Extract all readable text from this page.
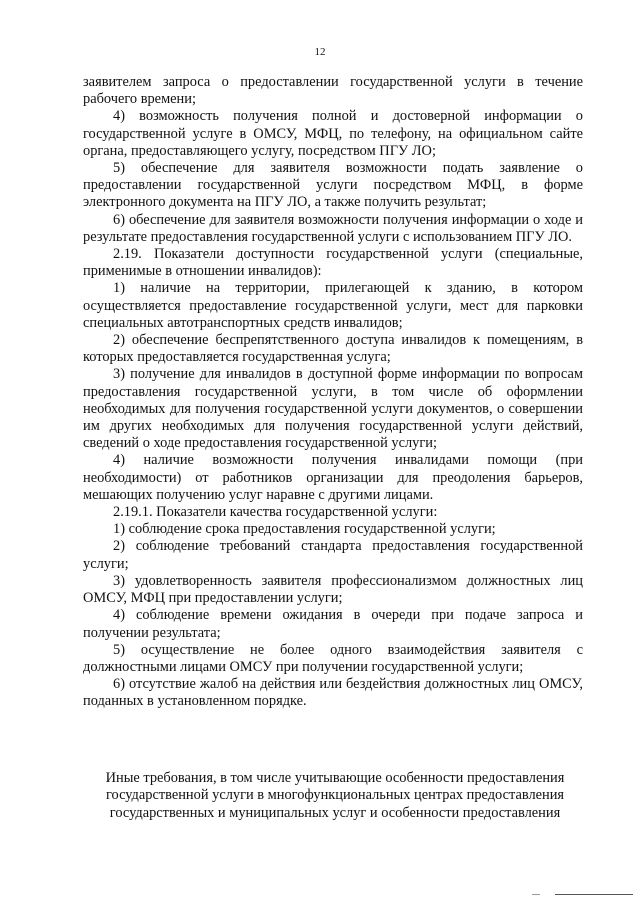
12

заявителем запроса о предоставлении государственной услуги в течение рабочего времени;

4) возможность получения полной и достоверной информации о государственной услуге в ОМСУ, МФЦ, по телефону, на официальном сайте органа, предоставляющего услугу, посредством ПГУ ЛО;

5) обеспечение для заявителя возможности подать заявление о предоставлении государственной услуги посредством МФЦ, в форме электронного документа на ПГУ ЛО, а также получить результат;

6) обеспечение для заявителя возможности получения информации о ходе и результате предоставления государственной услуги с использованием ПГУ ЛО.

2.19. Показатели доступности государственной услуги (специальные, применимые в отношении инвалидов):

1) наличие на территории, прилегающей к зданию, в котором осуществляется предоставление государственной услуги, мест для парковки специальных автотранспортных средств инвалидов;

2) обеспечение беспрепятственного доступа инвалидов к помещениям, в которых предоставляется государственная услуга;

3) получение для инвалидов в доступной форме информации по вопросам предоставления государственной услуги, в том числе об оформлении необходимых для получения государственной услуги документов, о совершении им других необходимых для получения государственной услуги действий, сведений о ходе предоставления государственной услуги;

4) наличие возможности получения инвалидами помощи (при необходимости) от работников организации для преодоления барьеров, мешающих получению услуг наравне с другими лицами.

2.19.1. Показатели качества государственной услуги:

1) соблюдение срока предоставления государственной услуги;

2) соблюдение требований стандарта предоставления государственной услуги;

3) удовлетворенность заявителя профессионализмом должностных лиц ОМСУ, МФЦ при предоставлении услуги;

4) соблюдение времени ожидания в очереди при подаче запроса и получении результата;

5) осуществление не более одного взаимодействия заявителя с должностными лицами ОМСУ при получении государственной услуги;

6) отсутствие жалоб на действия или бездействия должностных лиц ОМСУ, поданных в установленном порядке.

Иные требования, в том числе учитывающие особенности предоставления

государственной услуги в многофункциональных центрах предоставления

государственных и муниципальных услуг и особенности предоставления
